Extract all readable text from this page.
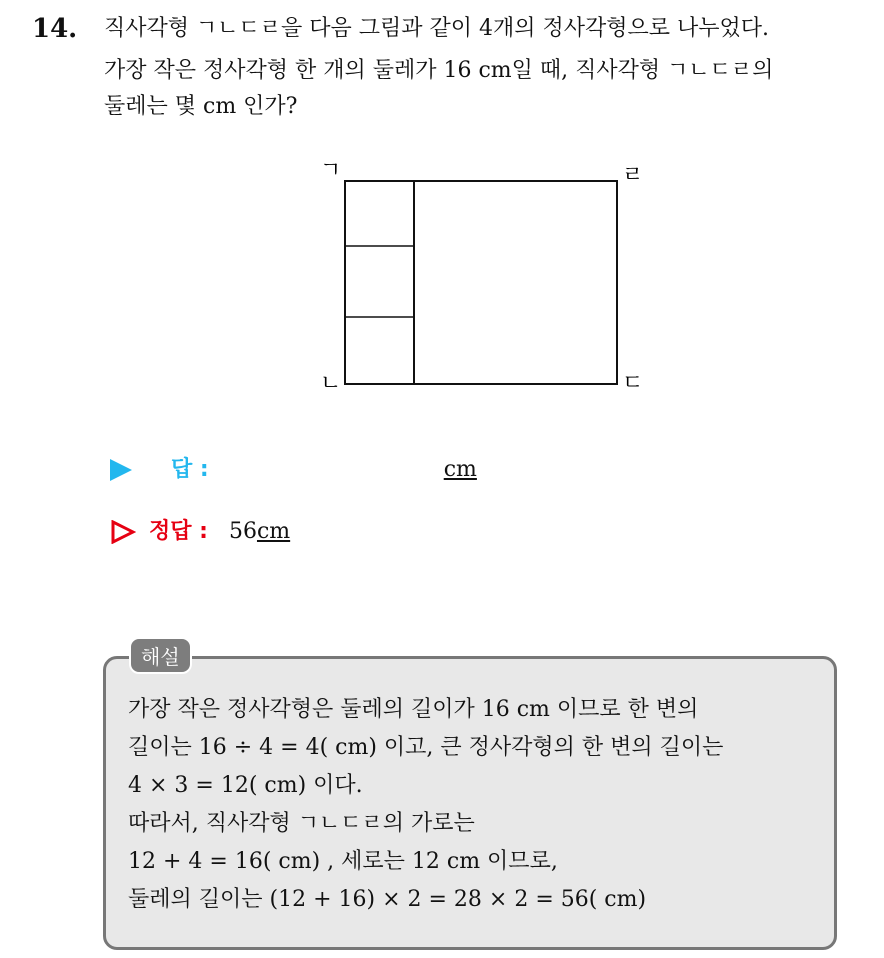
14. 직사각형 ㄱㄴㄷㄹ을 다음 그림과 같이 4개의 정사각형으로 나누었다.
가장 작은 정사각형 한 개의 둘레가 16 cm일 때, 직사각형 ㄱㄴㄷㄹ의
둘레는 몇 cm 인가?
ㄱ	ㄹ
ㄴ	ㄷ
답 :	cm
정답 : 56cm
해설
가장 작은 정사각형은 둘레의 길이가 16 cm 이므로 한 변의
길이는 16 ÷ 4 = 4( cm) 이고, 큰 정사각형의 한 변의 길이는
4 × 3 = 12( cm) 이다.
따라서, 직사각형 ㄱㄴㄷㄹ의 가로는
12 + 4 = 16( cm) , 세로는 12 cm 이므로,
둘레의 길이는 (12 + 16) × 2 = 28 × 2 = 56( cm)
